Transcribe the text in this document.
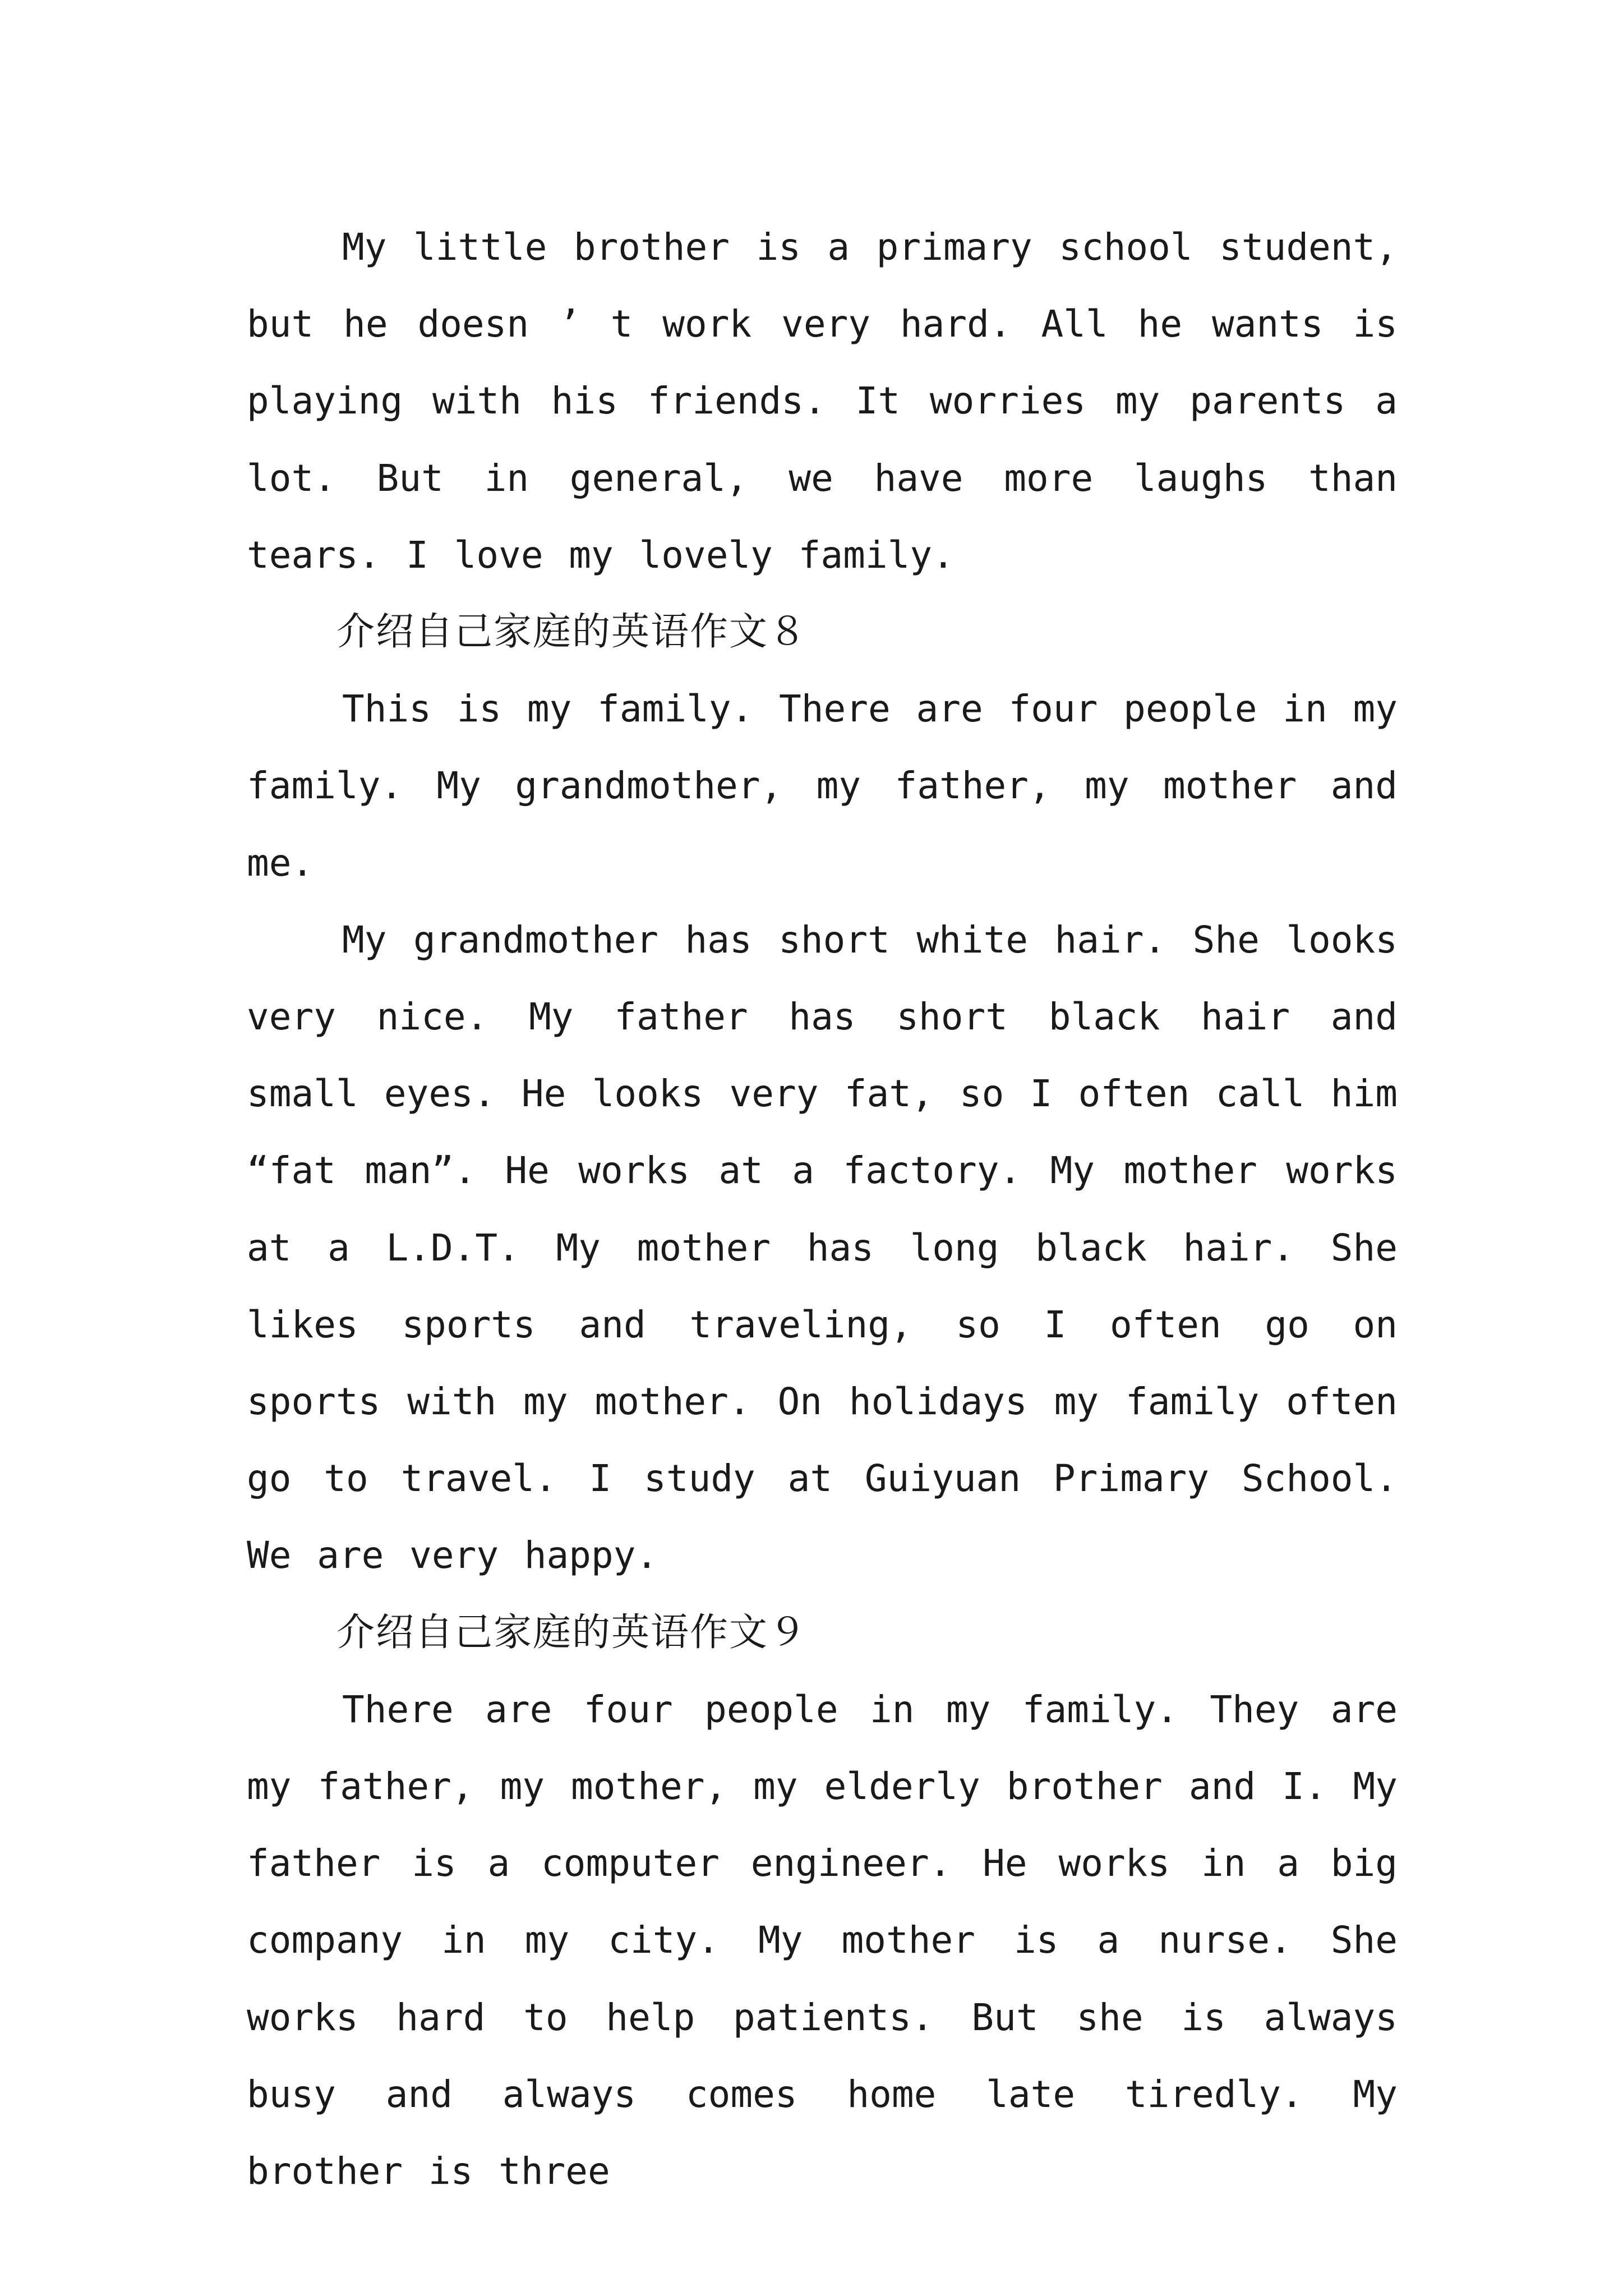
My little brother is a primary school student, but he doesn ’ t work very hard. All he wants is playing with his friends. It worries my parents a lot. But in general, we have more laughs than tears. I love my lovely family.

介绍自己家庭的英语作文８

This is my family. There are four people in my family. My grandmother, my father, my mother and me.

My grandmother has short white hair. She looks very nice. My father has short black hair and small eyes. He looks very fat, so I often call him “fat man”. He works at a factory. My mother works at a L.D.T. My mother has long black hair. She likes sports and traveling, so I often go on sports with my mother. On holidays my family often go to travel. I study at Guiyuan Primary School. We are very happy.

介绍自己家庭的英语作文９

There are four people in my family. They are my father, my mother, my elderly brother and I. My father is a computer engineer. He works in a big company in my city. My mother is a nurse. She works hard to help patients. But she is always busy and always comes home late tiredly. My brother is three
